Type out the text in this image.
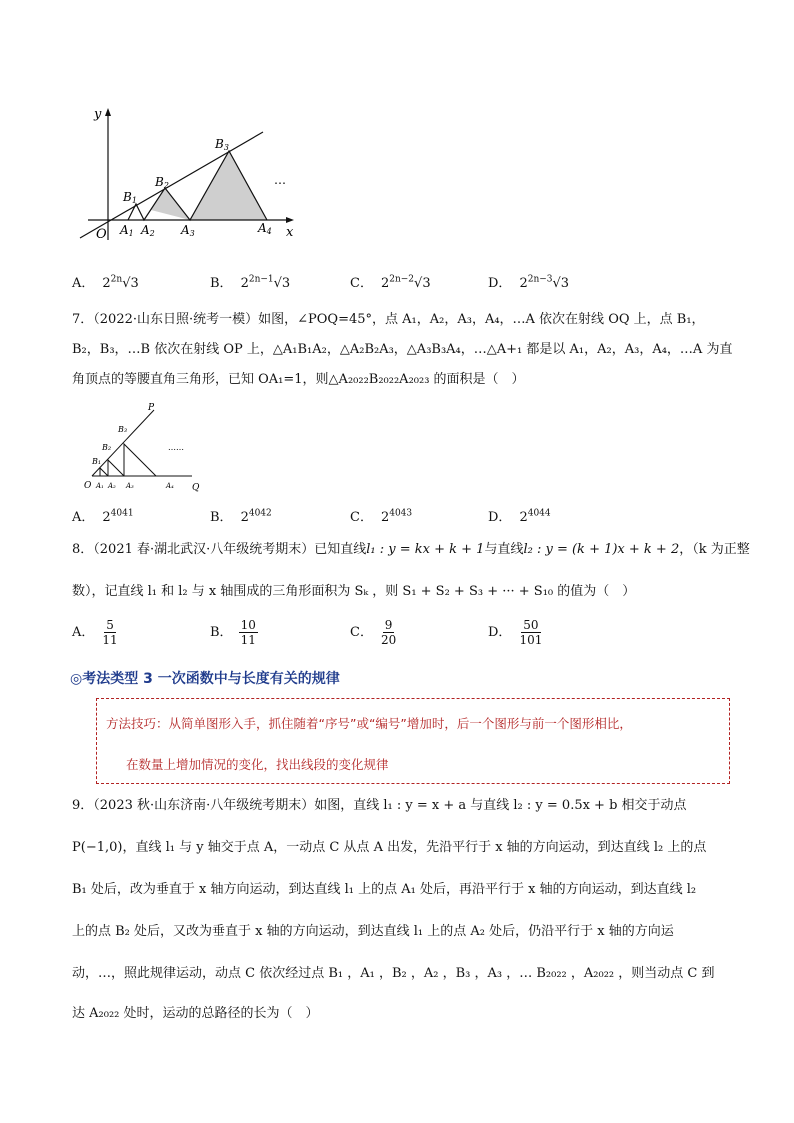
y
x
O
B1
B2
B3
A1 A2 A3	A4
…
A． $2^{2n}√3$	B． $2^{2n-1}√3$	C． $2^{2n-2}√3$	D． $2^{2n-3}√3$
7．（2022·山东日照·统考一模）如图，∠POQ=45°，点 A₁，A₂，A₃，A₄，…A 依次在射线 OQ 上，点 B₁，
B₂，B₃，…B 依次在射线 OP 上，△A₁B₁A₂，△A₂B₂A₃，△A₃B₃A₄，…△A+₁ 都是以 A₁，A₂，A₃，A₄，…A 为直
角顶点的等腰直角三角形，已知 OA₁=1，则△A₂₀₂₂B₂₀₂₂A₂₀₂₃ 的面积是（　）
P
O	Q
B₁
B₂
B₃
A₁ A₂ A₃	A₄
……
A． $2^{4041}$	B． $2^{4042}$	C． $2^{4043}$	D． $2^{4044}$
8．（2021 春·湖北武汉·八年级统考期末）已知直线l₁ : y = kx + k + 1与直线l₂ : y = (k + 1)x + k + 2，（k 为正整
数），记直线 l₁ 和 l₂ 与 x 轴围成的三角形面积为 Sₖ ，则 S₁ + S₂ + S₃ + ··· + S₁₀ 的值为（　）
A． $\frac{5}{11}$	B． $\frac{10}{11}$	C． $\frac{9}{20}$	D． $\frac{50}{101}$
◎考法类型 3 一次函数中与长度有关的规律
方法技巧：从简单图形入手，抓住随着“序号”或“编号”增加时，后一个图形与前一个图形相比，
在数量上增加情况的变化，找出线段的变化规律
9．（2023 秋·山东济南·八年级统考期末）如图，直线 l₁ : y = x + a 与直线 l₂ : y = 0.5x + b 相交于动点
P(−1,0)，直线 l₁ 与 y 轴交于点 A，一动点 C 从点 A 出发，先沿平行于 x 轴的方向运动，到达直线 l₂ 上的点
B₁ 处后，改为垂直于 x 轴方向运动，到达直线 l₁ 上的点 A₁ 处后，再沿平行于 x 轴的方向运动，到达直线 l₂
上的点 B₂ 处后，又改为垂直于 x 轴的方向运动，到达直线 l₁ 上的点 A₂ 处后，仍沿平行于 x 轴的方向运
动，…，照此规律运动，动点 C 依次经过点 B₁ ，A₁ ，B₂ ，A₂ ，B₃ ，A₃ ，… B₂₀₂₂ ，A₂₀₂₂ ，则当动点 C 到
达 A₂₀₂₂ 处时，运动的总路径的长为（　）
